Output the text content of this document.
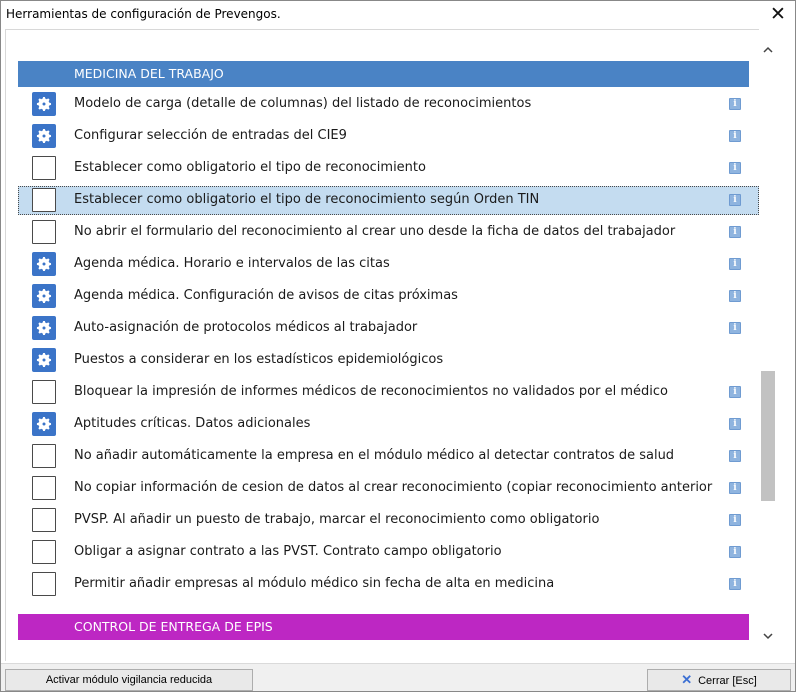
Herramientas de configuración de Prevengos.	✕
MEDICINA DEL TRABAJO
Modelo de carga (detalle de columnas) del listado de reconocimientos	i
Configurar selección de entradas del CIE9	i
Establecer como obligatorio el tipo de reconocimiento	i
Establecer como obligatorio el tipo de reconocimiento según Orden TIN	i
No abrir el formulario del reconocimiento al crear uno desde la ficha de datos del trabajador	i
Agenda médica. Horario e intervalos de las citas	i
Agenda médica. Configuración de avisos de citas próximas	i
Auto-asignación de protocolos médicos al trabajador	i
Puestos a considerar en los estadísticos epidemiológicos
Bloquear la impresión de informes médicos de reconocimientos no validados por el médico	i
Aptitudes críticas. Datos adicionales	i
No añadir automáticamente la empresa en el módulo médico al detectar contratos de salud	i
No copiar información de cesion de datos al crear reconocimiento (copiar reconocimiento anterior	i
PVSP. Al añadir un puesto de trabajo, marcar el reconocimiento como obligatorio	i
Obligar a asignar contrato a las PVST. Contrato campo obligatorio	i
Permitir añadir empresas al módulo médico sin fecha de alta en medicina	i
CONTROL DE ENTREGA DE EPIS
Activar módulo vigilancia reducida	✕ Cerrar [Esc]
